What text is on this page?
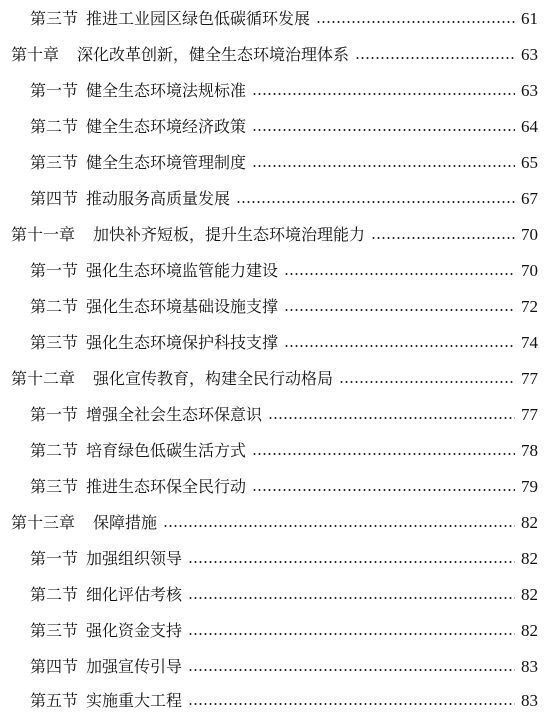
第三节 推进工业园区绿色低碳循环发展	61
第十章	深化改革创新，健全生态环境治理体系	63
第一节 健全生态环境法规标准	63
第二节 健全生态环境经济政策	64
第三节 健全生态环境管理制度	65
第四节 推动服务高质量发展	67
第十一章	加快补齐短板，提升生态环境治理能力	70
第一节 强化生态环境监管能力建设	70
第二节 强化生态环境基础设施支撑	72
第三节 强化生态环境保护科技支撑	74
第十二章	强化宣传教育，构建全民行动格局	77
第一节 增强全社会生态环保意识	77
第二节 培育绿色低碳生活方式	78
第三节 推进生态环保全民行动	79
第十三章	保障措施	82
第一节 加强组织领导	82
第二节 细化评估考核	82
第三节 强化资金支持	82
第四节 加强宣传引导	83
第五节 实施重大工程	83
